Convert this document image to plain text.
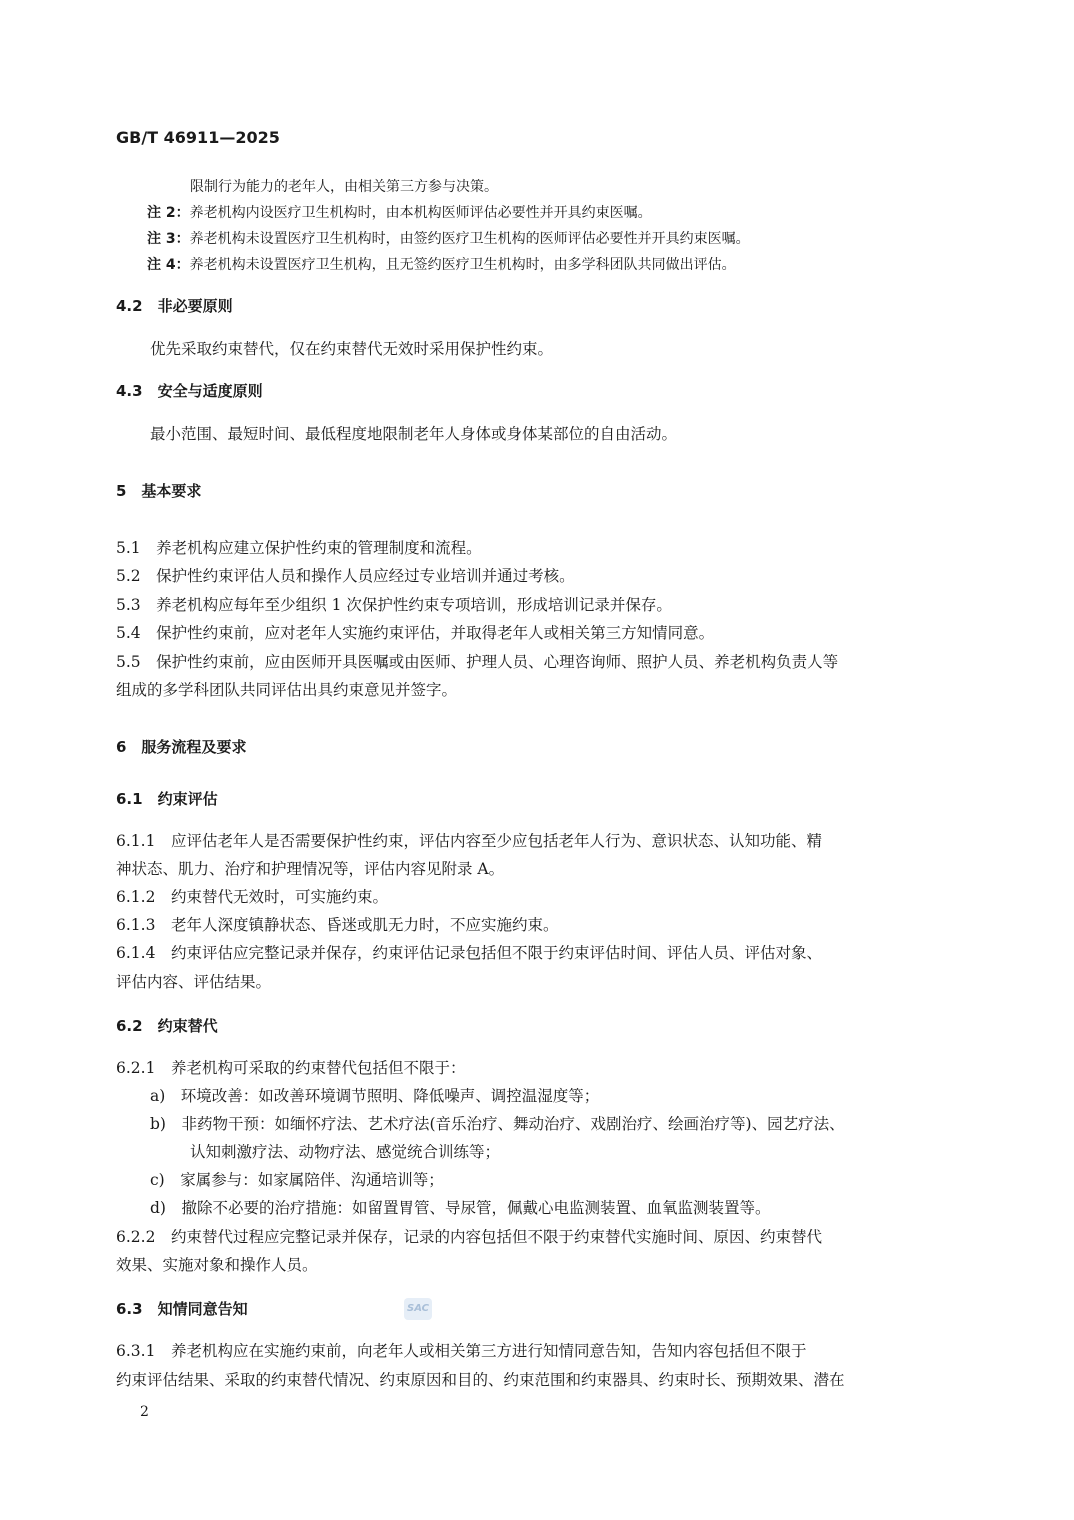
GB/T 46911—2025
限制行为能力的老年人，由相关第三方参与决策。
注 2：养老机构内设医疗卫生机构时，由本机构医师评估必要性并开具约束医嘱。
注 3：养老机构未设置医疗卫生机构时，由签约医疗卫生机构的医师评估必要性并开具约束医嘱。
注 4：养老机构未设置医疗卫生机构，且无签约医疗卫生机构时，由多学科团队共同做出评估。
4.2　非必要原则
优先采取约束替代，仅在约束替代无效时采用保护性约束。
4.3　安全与适度原则
最小范围、最短时间、最低程度地限制老年人身体或身体某部位的自由活动。
5　基本要求
5.1　养老机构应建立保护性约束的管理制度和流程。
5.2　保护性约束评估人员和操作人员应经过专业培训并通过考核。
5.3　养老机构应每年至少组织 1 次保护性约束专项培训，形成培训记录并保存。
5.4　保护性约束前，应对老年人实施约束评估，并取得老年人或相关第三方知情同意。
5.5　保护性约束前，应由医师开具医嘱或由医师、护理人员、心理咨询师、照护人员、养老机构负责人等
组成的多学科团队共同评估出具约束意见并签字。
6　服务流程及要求
6.1　约束评估
6.1.1　应评估老年人是否需要保护性约束，评估内容至少应包括老年人行为、意识状态、认知功能、精
神状态、肌力、治疗和护理情况等，评估内容见附录 A。
6.1.2　约束替代无效时，可实施约束。
6.1.3　老年人深度镇静状态、昏迷或肌无力时，不应实施约束。
6.1.4　约束评估应完整记录并保存，约束评估记录包括但不限于约束评估时间、评估人员、评估对象、
评估内容、评估结果。
6.2　约束替代
6.2.1　养老机构可采取的约束替代包括但不限于：
a)　环境改善：如改善环境调节照明、降低噪声、调控温湿度等；
b)　非药物干预：如缅怀疗法、艺术疗法(音乐治疗、舞动治疗、戏剧治疗、绘画治疗等)、园艺疗法、
认知刺激疗法、动物疗法、感觉统合训练等；
c)　家属参与：如家属陪伴、沟通培训等；
d)　撤除不必要的治疗措施：如留置胃管、导尿管，佩戴心电监测装置、血氧监测装置等。
6.2.2　约束替代过程应完整记录并保存，记录的内容包括但不限于约束替代实施时间、原因、约束替代
效果、实施对象和操作人员。
6.3　知情同意告知	SAC
6.3.1　养老机构应在实施约束前，向老年人或相关第三方进行知情同意告知，告知内容包括但不限于
约束评估结果、采取的约束替代情况、约束原因和目的、约束范围和约束器具、约束时长、预期效果、潜在
2
